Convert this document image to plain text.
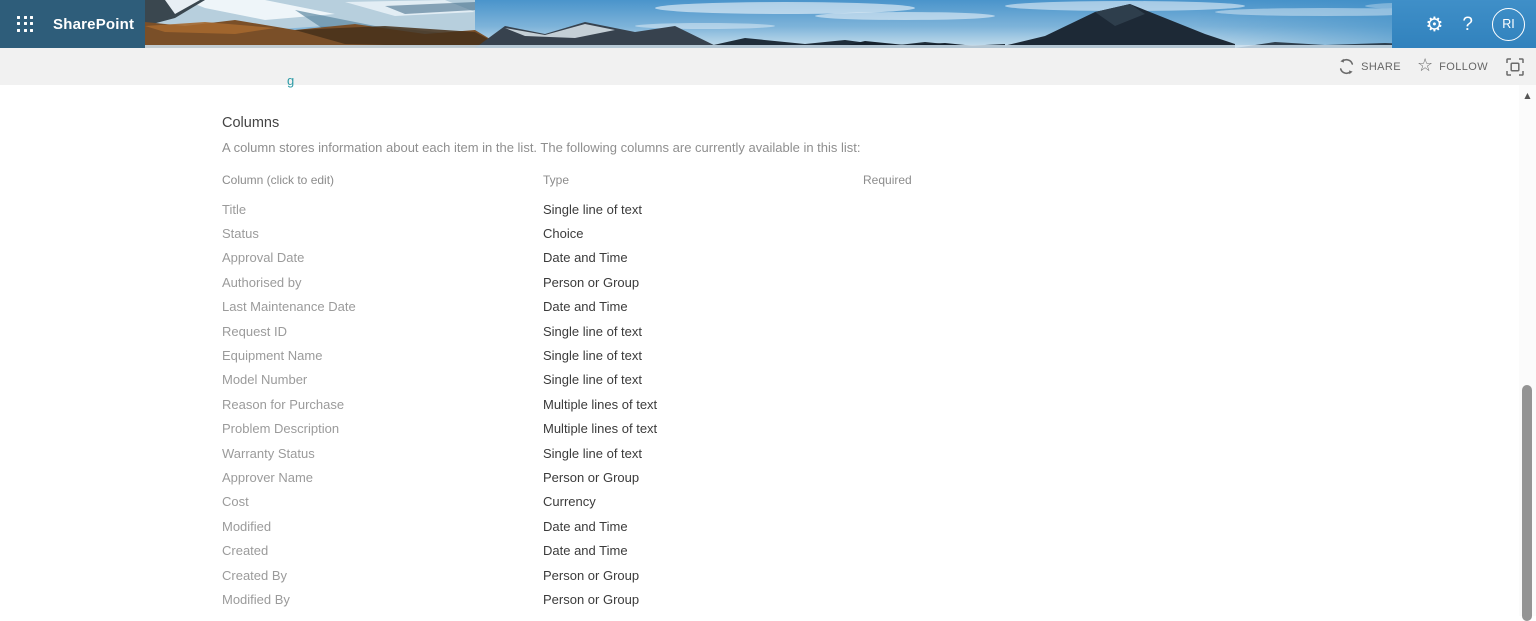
SharePoint	⚙ ? RI
SHARE ☆ FOLLOW
g
Columns
A column stores information about each item in the list. The following columns are currently available in this list:
Column (click to edit)	Type	Required
Title	Single line of text
Status	Choice
Approval Date	Date and Time
Authorised by	Person or Group
Last Maintenance Date	Date and Time
Request ID	Single line of text
Equipment Name	Single line of text
Model Number	Single line of text
Reason for Purchase	Multiple lines of text
Problem Description	Multiple lines of text
Warranty Status	Single line of text
Approver Name	Person or Group
Cost	Currency
Modified	Date and Time
Created	Date and Time
Created By	Person or Group
Modified By	Person or Group
▲
